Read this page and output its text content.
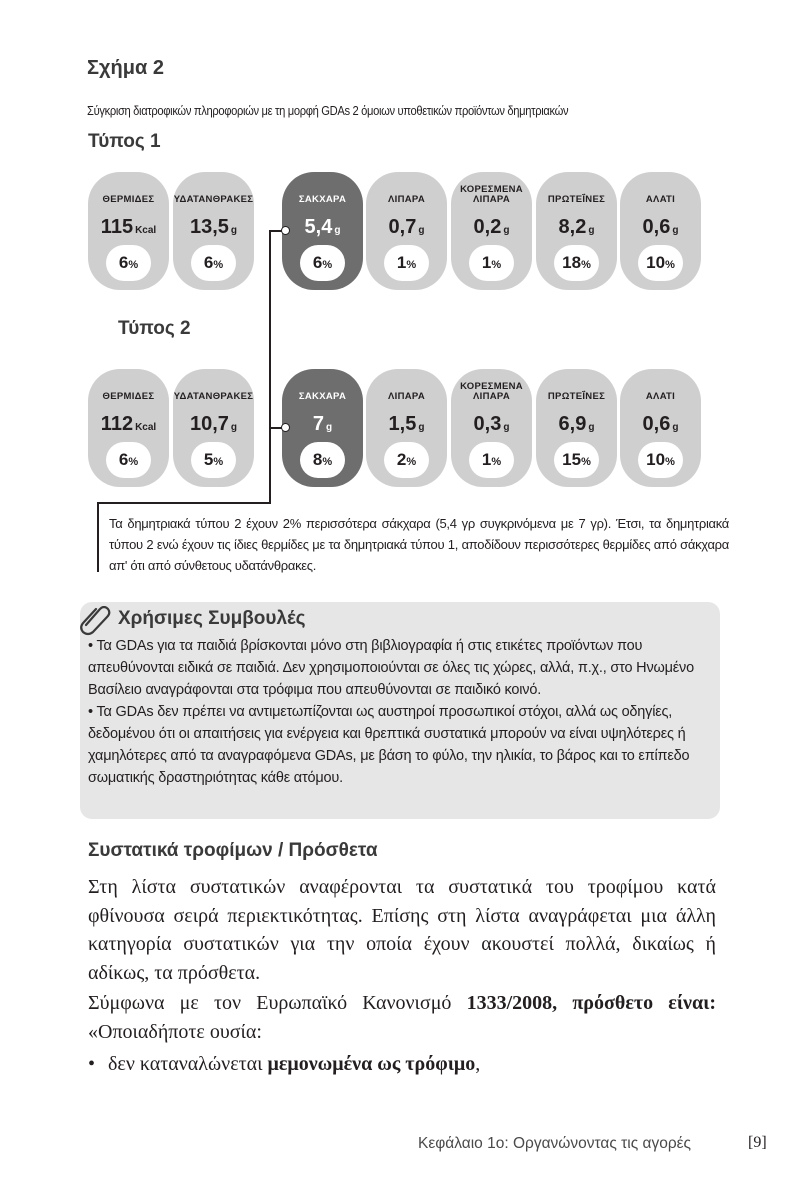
Σχήμα 2
Σύγκριση διατροφικών πληροφοριών με τη μορφή GDAs 2 όμοιων υποθετικών προϊόντων δημητριακών
Τύπος 1
ΘΕΡΜΙΔΕΣ
115 Kcal
6%
ΥΔΑΤΑΝΘΡΑΚΕΣ
13,5 g
6%
ΣΑΚΧΑΡΑ
5,4 g
6%
ΛΙΠΑΡΑ
0,7 g
1%
ΚΟΡΕΣΜΕΝΑ
ΛΙΠΑΡΑ
0,2 g
1%
ΠΡΩΤΕΪ́ΝΕΣ
8,2 g
18%
ΑΛΑΤΙ
0,6 g
10%
Τύπος 2
ΘΕΡΜΙΔΕΣ
112 Kcal
6%
ΥΔΑΤΑΝΘΡΑΚΕΣ
10,7 g
5%
ΣΑΚΧΑΡΑ
7 g
8%
ΛΙΠΑΡΑ
1,5 g
2%
ΚΟΡΕΣΜΕΝΑ
ΛΙΠΑΡΑ
0,3 g
1%
ΠΡΩΤΕΪ́ΝΕΣ
6,9 g
15%
ΑΛΑΤΙ
0,6 g
10%
Τα δημητριακά τύπου 2 έχουν 2% περισσότερα σάκχαρα (5,4 γρ συγκρινόμενα με 7 γρ). Έτσι, τα δημητριακά τύπου 2 ενώ έχουν τις ίδιες θερμίδες με τα δημητριακά τύπου 1, αποδίδουν περισσότερες θερμίδες από σάκχαρα απ' ότι από σύνθετους υδατάνθρακες.
Χρήσιμες Συμβουλές
• Τα GDAs για τα παιδιά βρίσκονται μόνο στη βιβλιογραφία ή στις ετικέτες προϊόντων που απευθύνονται ειδικά σε παιδιά. Δεν χρησιμοποιούνται σε όλες τις χώρες, αλλά, π.χ., στο Ηνωμένο Βασίλειο αναγράφονται στα τρόφιμα που απευθύνονται σε παιδικό κοινό.
• Τα GDAs δεν πρέπει να αντιμετωπίζονται ως αυστηροί προσωπικοί στόχοι, αλλά ως οδηγίες, δεδομένου ότι οι απαιτήσεις για ενέργεια και θρεπτικά συστατικά μπορούν να είναι υψηλότερες ή χαμηλότερες από τα αναγραφόμενα GDAs, με βάση το φύλο, την ηλικία, το βάρος και το επίπεδο σωματικής δραστηριότητας κάθε ατόμου.
Συστατικά τροφίμων / Πρόσθετα
Στη λίστα συστατικών αναφέρονται τα συστατικά του τροφίμου κατά φθίνουσα σειρά περιεκτικότητας. Επίσης στη λίστα αναγράφεται μια άλλη κατηγορία συστατικών για την οποία έχουν ακουστεί πολλά, δικαίως ή αδίκως, τα πρόσθετα.
Σύμφωνα με τον Ευρωπαϊκό Κανονισμό 1333/2008, πρόσθετο είναι: «Οποιαδήποτε ουσία:
• δεν καταναλώνεται μεμονωμένα ως τρόφιμο,
Κεφάλαιο 1ο: Οργανώνοντας τις αγορές	[9]
